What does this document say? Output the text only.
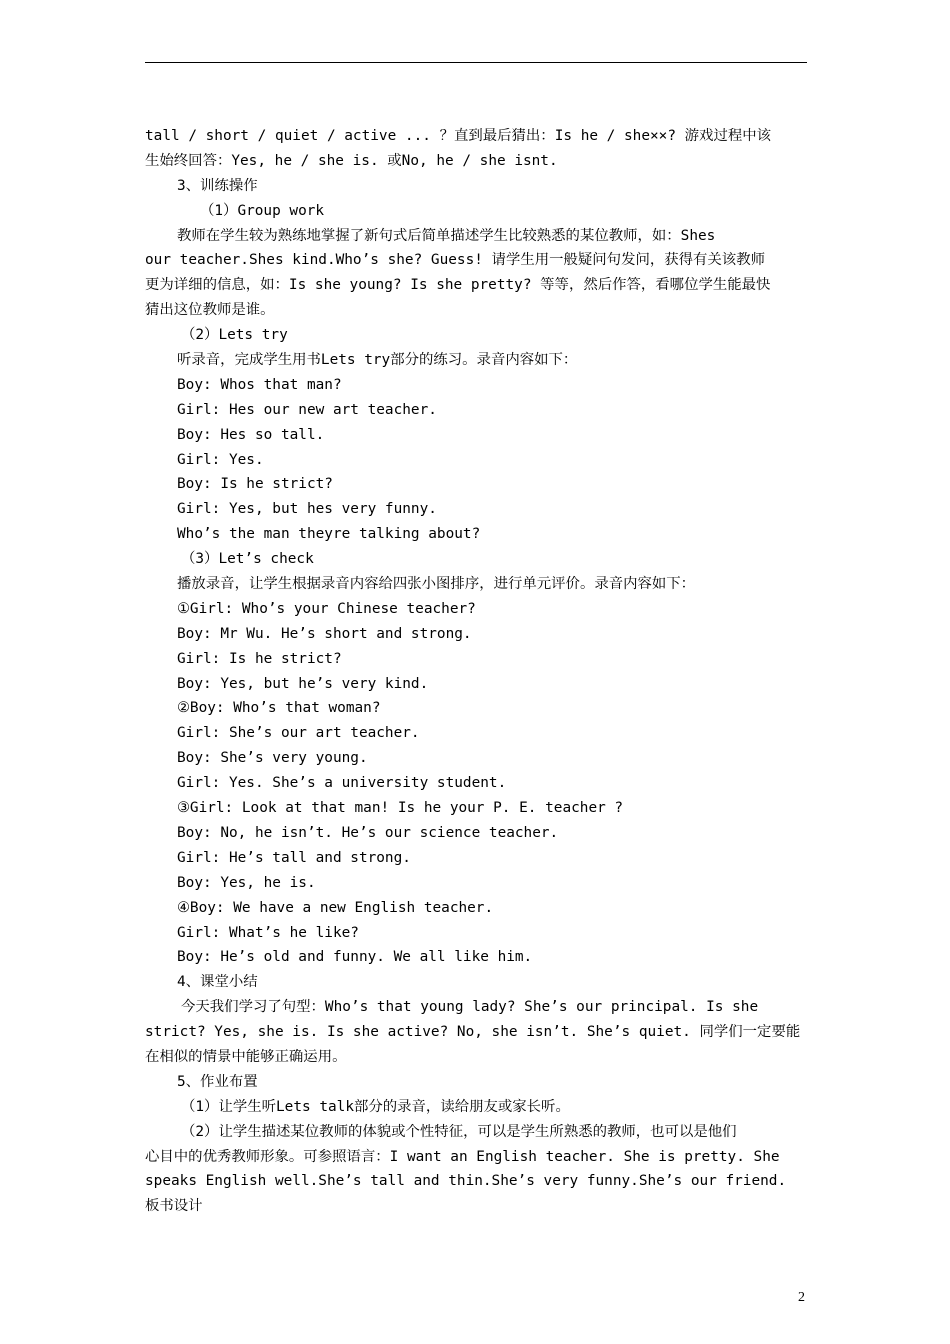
tall / short / quiet / active ... ？直到最后猜出：Is he / she××? 游戏过程中该
生始终回答：Yes, he / she is. 或No, he / she isnt.
3、训练操作
（1）Group work
教师在学生较为熟练地掌握了新句式后简单描述学生比较熟悉的某位教师，如：Shes
our teacher.Shes kind.Who’s she? Guess! 请学生用一般疑问句发问，获得有关该教师
更为详细的信息，如：Is she young? Is she pretty? 等等，然后作答，看哪位学生能最快
猜出这位教师是谁。
（2）Lets try
听录音，完成学生用书Lets try部分的练习。录音内容如下：
Boy: Whos that man?
Girl: Hes our new art teacher.
Boy: Hes so tall.
Girl: Yes.
Boy: Is he strict?
Girl: Yes, but hes very funny.
Who’s the man theyre talking about?
（3）Let’s check
播放录音，让学生根据录音内容给四张小图排序，进行单元评价。录音内容如下：
①Girl: Who’s your Chinese teacher?
Boy: Mr Wu. He’s short and strong.
Girl: Is he strict?
Boy: Yes, but he’s very kind.
②Boy: Who’s that woman?
Girl: She’s our art teacher.
Boy: She’s very young.
Girl: Yes. She’s a university student.
③Girl: Look at that man! Is he your P. E. teacher ?
Boy: No, he isn’t. He’s our science teacher.
Girl: He’s tall and strong.
Boy: Yes, he is.
④Boy: We have a new English teacher.
Girl: What’s he like?
Boy: He’s old and funny. We all like him.
4、课堂小结
今天我们学习了句型：Who’s that young lady? She’s our principal. Is she
strict? Yes, she is. Is she active? No, she isn’t. She’s quiet. 同学们一定要能
在相似的情景中能够正确运用。
5、作业布置
（1）让学生听Lets talk部分的录音，读给朋友或家长听。
（2）让学生描述某位教师的体貌或个性特征，可以是学生所熟悉的教师，也可以是他们
心目中的优秀教师形象。可参照语言：I want an English teacher. She is pretty. She
speaks English well.She’s tall and thin.She’s very funny.She’s our friend.
板书设计
2
